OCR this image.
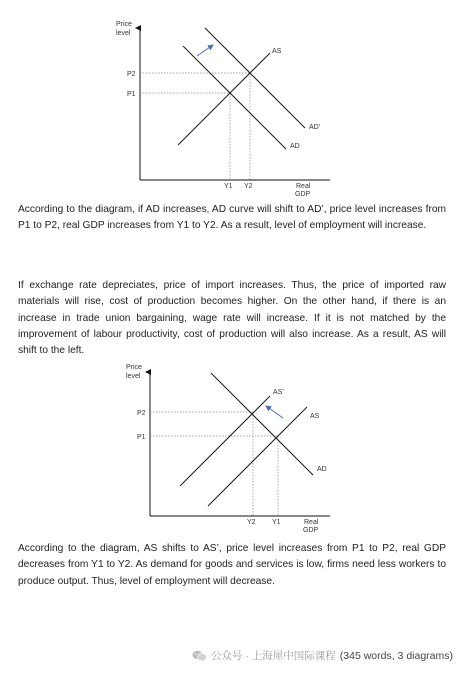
Price
level
AS
AD
AD'
P2
P1
Y1 Y2	Real
GDP

According to the diagram, if AD increases, AD curve will shift to AD’, price level increases from P1 to P2, real GDP increases from Y1 to Y2. As a result, level of employment will increase.

If exchange rate depreciates, price of import increases. Thus, the price of imported raw materials will rise, cost of production becomes higher. On the other hand, if there is an increase in trade union bargaining, wage rate will increase. If it is not matched by the improvement of labour productivity, cost of production will also increase. As a result, AS will shift to the left.

Price
level
AS'
AS
AD
P2
P1
Y2 Y1	Real
GDP

According to the diagram, AS shifts to AS’, price level increases from P1 to P2, real GDP decreases from Y1 to Y2. As demand for goods and services is low, firms need less workers to produce output. Thus, level of employment will decrease.

公众号 · 上海犀中国际课程 (345 words, 3 diagrams)
